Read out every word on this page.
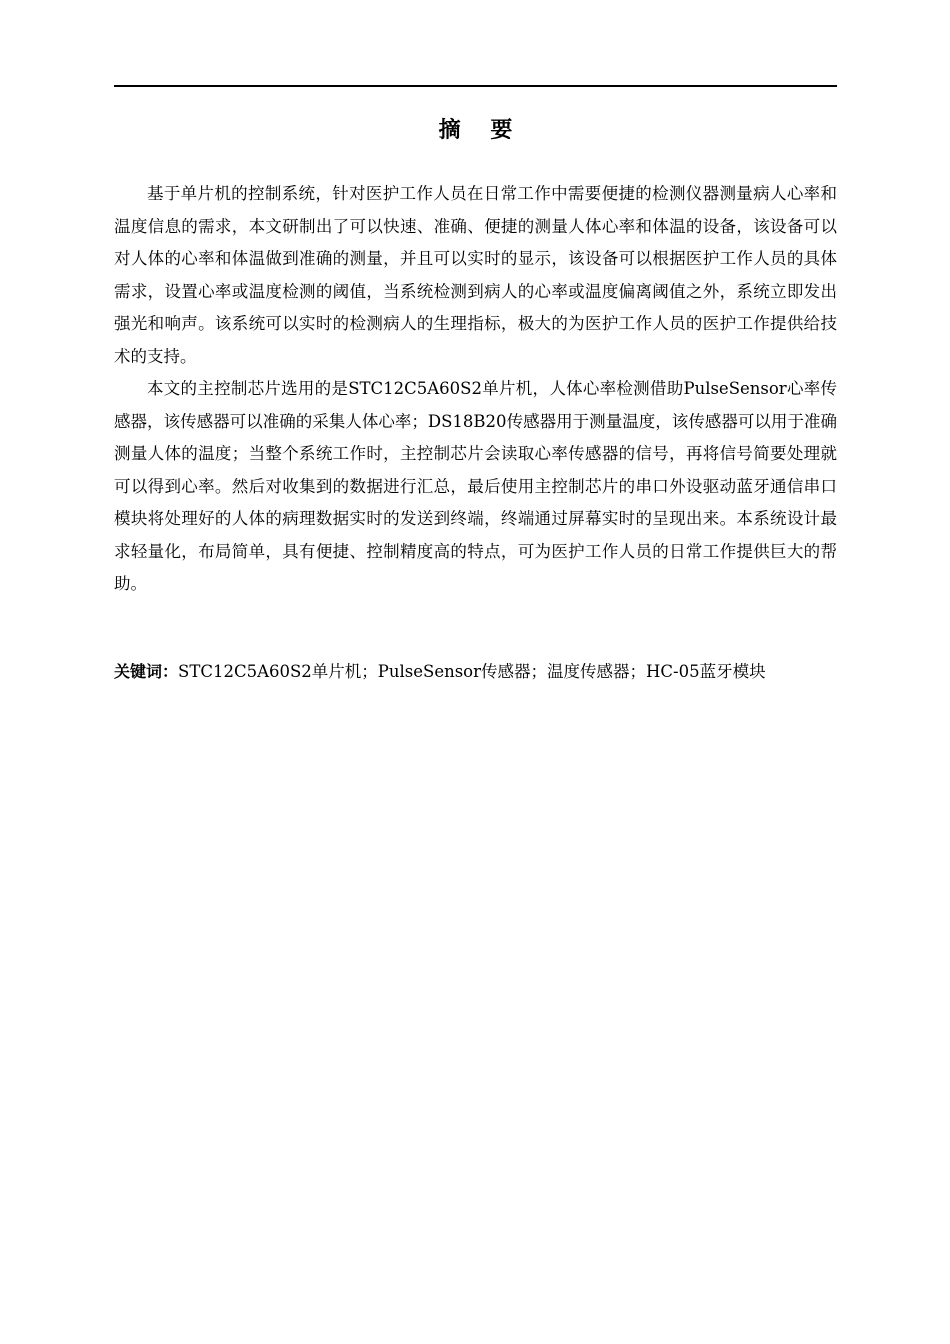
摘 要

基于单片机的控制系统，针对医护工作人员在日常工作中需要便捷的检测仪器测量病人心率和温度信息的需求，本文研制出了可以快速、准确、便捷的测量人体心率和体温的设备，该设备可以对人体的心率和体温做到准确的测量，并且可以实时的显示，该设备可以根据医护工作人员的具体需求，设置心率或温度检测的阈值，当系统检测到病人的心率或温度偏离阈值之外，系统立即发出强光和响声。该系统可以实时的检测病人的生理指标，极大的为医护工作人员的医护工作提供给技术的支持。

本文的主控制芯片选用的是STC12C5A60S2单片机，人体心率检测借助PulseSensor心率传感器，该传感器可以准确的采集人体心率；DS18B20传感器用于测量温度，该传感器可以用于准确测量人体的温度；当整个系统工作时，主控制芯片会读取心率传感器的信号，再将信号简要处理就可以得到心率。然后对收集到的数据进行汇总，最后使用主控制芯片的串口外设驱动蓝牙通信串口模块将处理好的人体的病理数据实时的发送到终端，终端通过屏幕实时的呈现出来。本系统设计最求轻量化，布局简单，具有便捷、控制精度高的特点，可为医护工作人员的日常工作提供巨大的帮助。

关键词：STC12C5A60S2单片机；PulseSensor传感器；温度传感器；HC-05蓝牙模块
